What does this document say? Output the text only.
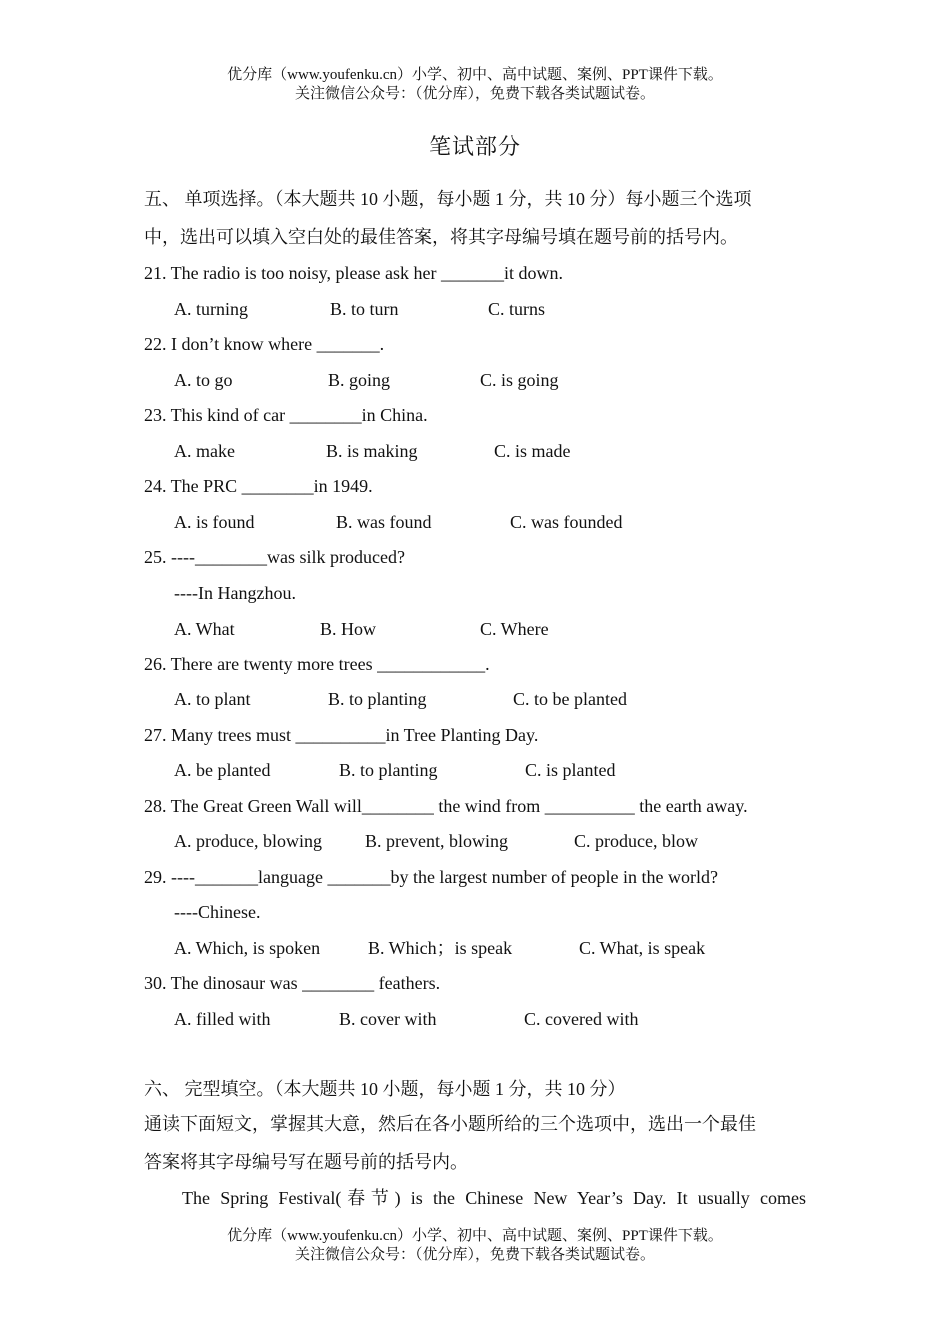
优分库（www.youfenku.cn）小学、初中、高中试题、案例、PPT课件下载。
关注微信公众号：（优分库），免费下载各类试题试卷。
笔试部分
五、 单项选择。（本大题共 10 小题，每小题 1 分，共 10 分）每小题三个选项
中，选出可以填入空白处的最佳答案，将其字母编号填在题号前的括号内。
21. The radio is too noisy, please ask her _______it down.
A. turning	B. to turn	C. turns
22. I don’t know where _______.
A. to go	B. going	C. is going
23. This kind of car ________in China.
A. make	B. is making	C. is made
24. The PRC ________in 1949.
A. is found	B. was found	C. was founded
25. ----________was silk produced?
----In Hangzhou.
A. What	B. How	C. Where
26. There are twenty more trees ____________.
A. to plant	B. to planting	C. to be planted
27. Many trees must __________in Tree Planting Day.
A. be planted	B. to planting	C. is planted
28. The Great Green Wall will________ the wind from __________ the earth away.
A. produce, blowing B. prevent, blowing	C. produce, blow
29. ----_______language _______by the largest number of people in the world?
----Chinese.
A. Which, is spoken	B. Which；is speak	C. What, is speak
30. The dinosaur was ________ feathers.
A. filled with	B. cover with	C. covered with
六、 完型填空。（本大题共 10 小题，每小题 1 分，共 10 分）
通读下面短文，掌握其大意，然后在各小题所给的三个选项中，选出一个最佳
答案将其字母编号写在题号前的括号内。
The Spring Festival(春节) is the Chinese New Year’s Day. It usually comes
优分库（www.youfenku.cn）小学、初中、高中试题、案例、PPT课件下载。
关注微信公众号：（优分库），免费下载各类试题试卷。
